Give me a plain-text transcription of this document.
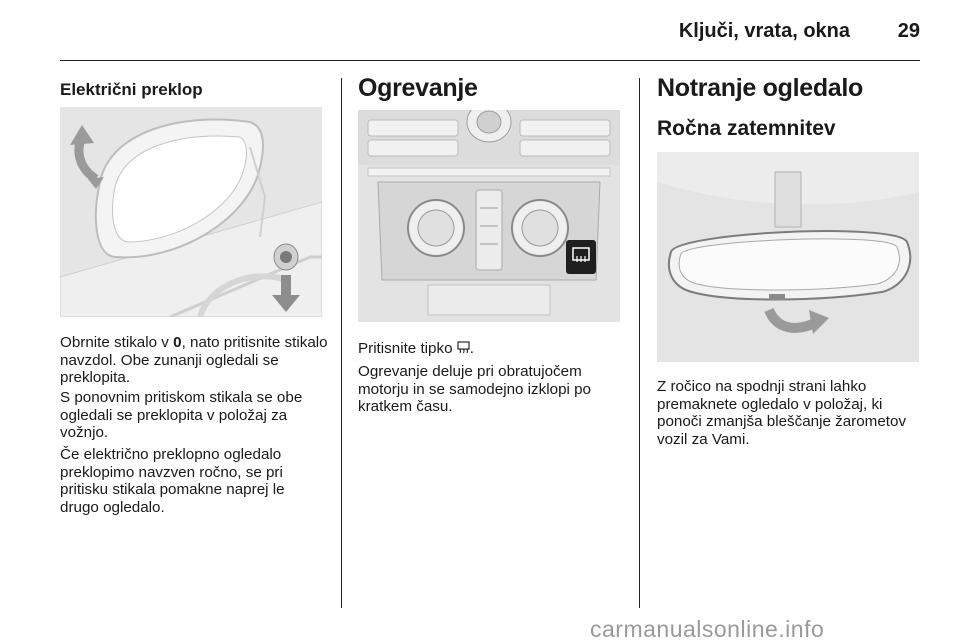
Ključi, vrata, okna	29
Električni preklop

Obrnite stikalo v 0, nato pritisnite stikalo navzdol. Obe zunanji ogledali se preklopita.

S ponovnim pritiskom stikala se obe ogledali se preklopita v položaj za vožnjo.

Če električno preklopno ogledalo preklopimo navzven ročno, se pri pritisku stikala pomakne naprej le drugo ogledalo.

Ogrevanje

Pritisnite tipko .

Ogrevanje deluje pri obratujočem motorju in se samodejno izklopi po kratkem času.

Notranje ogledalo
Ročna zatemnitev

Z ročico na spodnji strani lahko premaknete ogledalo v položaj, ki ponoči zmanjša bleščanje žarometov vozil za Vami.

carmanualsonline.info
